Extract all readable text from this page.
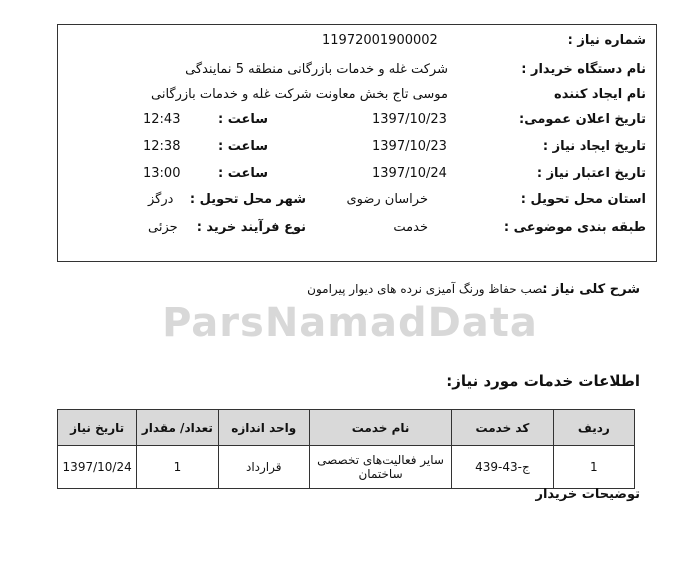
ParsNamadData
شماره نیاز :
11972001900002
نام دستگاه خریدار :
شرکت غله و خدمات بازرگانی منطقه 5 نمایندگی
نام ایجاد کننده
موسی تاج بخش معاونت شرکت غله و خدمات بازرگانی
تاریخ اعلان عمومی:
1397/10/23
ساعت :
12:43
تاریخ ایجاد نیاز :
1397/10/23
ساعت :
12:38
تاریخ اعتبار نیاز :
1397/10/24
ساعت :
13:00
استان محل تحویل :
خراسان رضوی
شهر محل تحویل :
درگز
طبقه بندی موضوعی :
خدمت
نوع فرآیند خرید :
جزئی
شرح کلی نیاز :
نصب حفاظ ورنگ آمیزی نرده های دیوار پیرامون
اطلاعات خدمات مورد نیاز:
ردیف	کد خدمت	نام خدمت	واحد اندازه	تعداد/ مقدار	تاریخ نیاز
1	ج-43-439	سایر فعالیت‌های تخصصی ساختمان	قرارداد	1	1397/10/24
توضیحات خریدار
